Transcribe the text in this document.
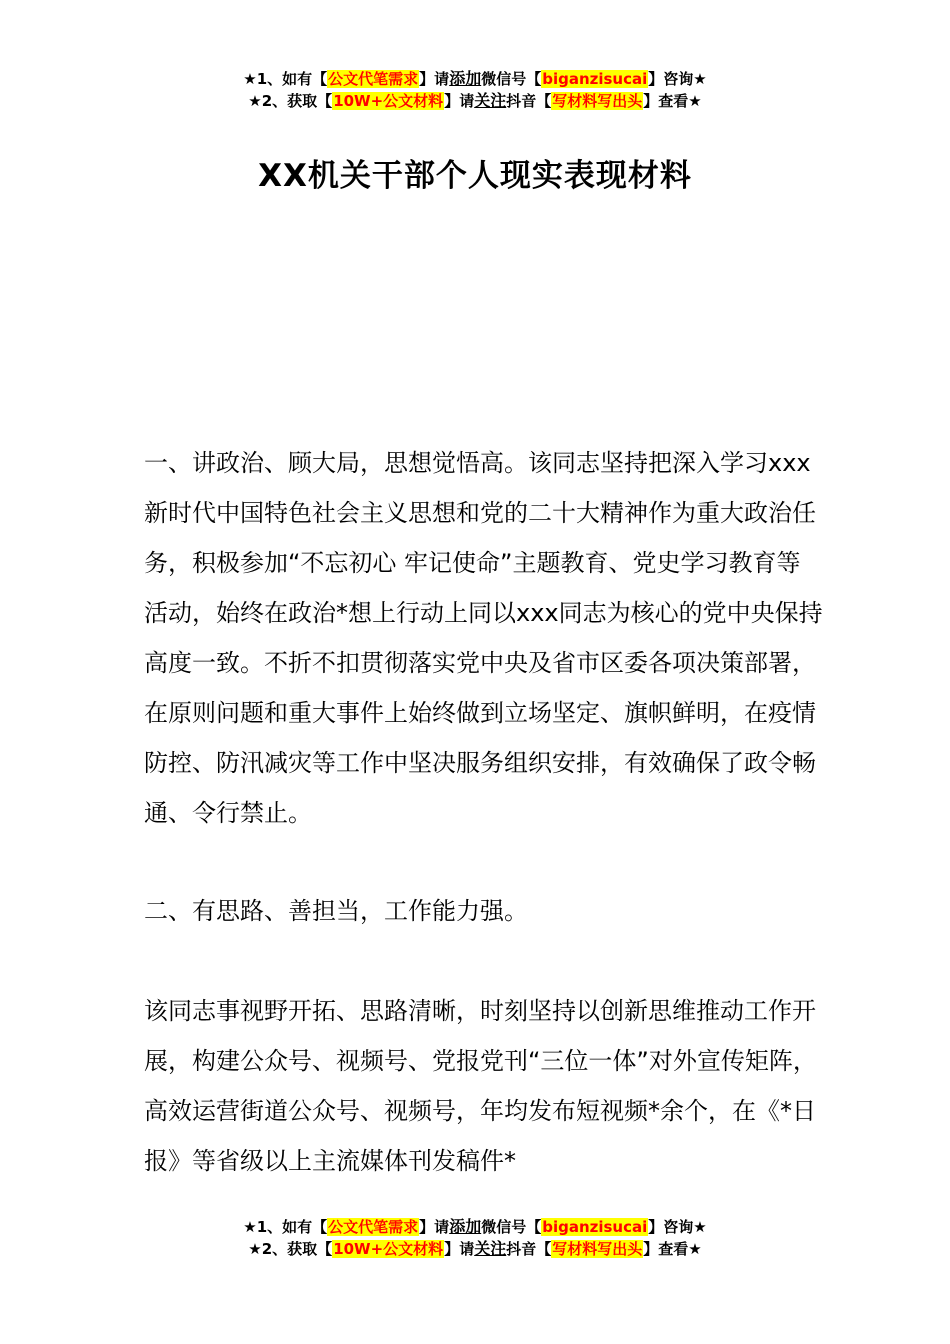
★1、如有【公文代笔需求】请添加微信号【biganzisucai】咨询★
★2、获取【10W+公文材料】请关注抖音【写材料写出头】查看★
XX机关干部个人现实表现材料

一、讲政治、顾大局，思想觉悟高。该同志坚持把深入学习xxx新时代中国特色社会主义思想和党的二十大精神作为重大政治任务，积极参加“不忘初心 牢记使命”主题教育、党史学习教育等活动，始终在政治*想上行动上同以xxx同志为核心的党中央保持高度一致。不折不扣贯彻落实党中央及省市区委各项决策部署，在原则问题和重大事件上始终做到立场坚定、旗帜鲜明，在疫情防控、防汛减灾等工作中坚决服务组织安排，有效确保了政令畅通、令行禁止。

二、有思路、善担当，工作能力强。

该同志事视野开拓、思路清晰，时刻坚持以创新思维推动工作开展，构建公众号、视频号、党报党刊“三位一体”对外宣传矩阵，高效运营街道公众号、视频号，年均发布短视频*余个，在《*日报》等省级以上主流媒体刊发稿件*

★1、如有【公文代笔需求】请添加微信号【biganzisucai】咨询★
★2、获取【10W+公文材料】请关注抖音【写材料写出头】查看★
